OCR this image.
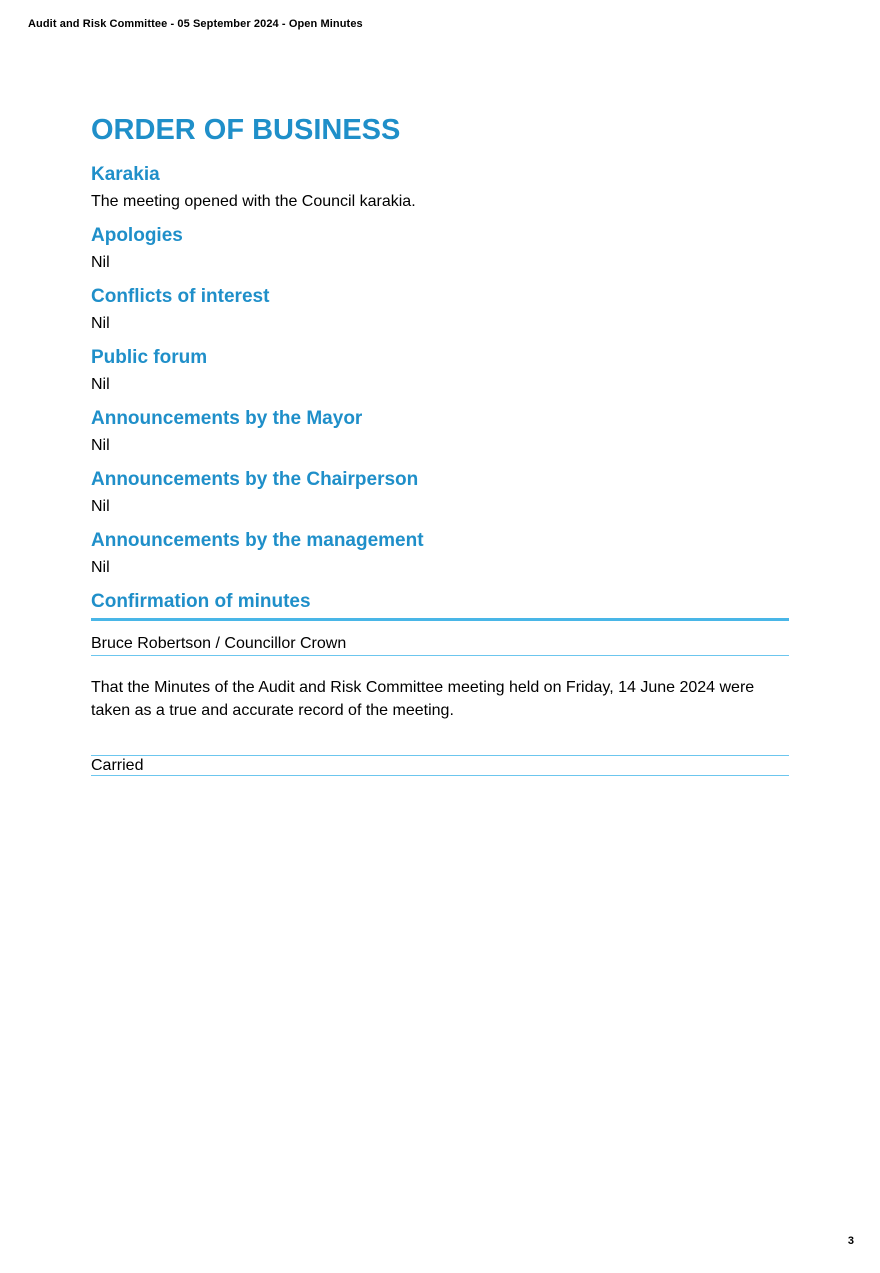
Audit and Risk Committee - 05 September 2024 - Open Minutes
ORDER OF BUSINESS
Karakia

The meeting opened with the Council karakia.

Apologies

Nil

Conflicts of interest

Nil

Public forum

Nil

Announcements by the Mayor

Nil

Announcements by the Chairperson

Nil

Announcements by the management

Nil

Confirmation of minutes
Bruce Robertson / Councillor Crown

That the Minutes of the Audit and Risk Committee meeting held on Friday, 14 June 2024 were taken as a true and accurate record of the meeting.

Carried
3
